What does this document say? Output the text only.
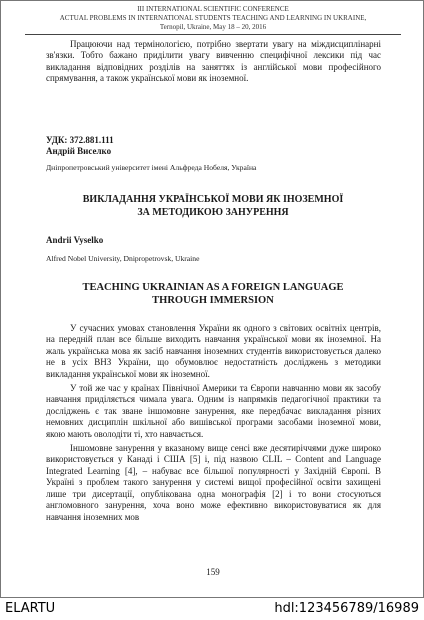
III INTERNATIONAL SCIENTIFIC CONFERENCE
ACTUAL PROBLEMS IN INTERNATIONAL STUDENTS TEACHING AND LEARNING IN UKRAINE,
Ternopil, Ukraine, May 18 – 20, 2016

Працюючи над термінологією, потрібно звертати увагу на міждисциплінарні зв'язки. Тобто бажано приділити увагу вивченню специфічної лексики під час викладання відповідних розділів на заняттях із англійської мови професійного спрямування, а також української мови як іноземної.

УДК: 372.881.111
Андрій Виселко
Дніпропетровський університет імені Альфреда Нобеля, Україна
ВИКЛАДАННЯ УКРАЇНСЬКОЇ МОВИ ЯК ІНОЗЕМНОЇ
ЗА МЕТОДИКОЮ ЗАНУРЕННЯ
Andrii Vyselko
Alfred Nobel University, Dnipropetrovsk, Ukraine
TEACHING UKRAINIAN AS A FOREIGN LANGUAGE
THROUGH IMMERSION

У сучасних умовах становлення України як одного з світових освітніх центрів, на передній план все більше виходить навчання української мови як іноземної. На жаль українська мова як засіб навчання іноземних студентів використовується далеко не в усіх ВНЗ України, що обумовлює недостатність досліджень з методики викладання української мови як іноземної.

У той же час у країнах Північної Америки та Європи навчанню мови як засобу навчання приділяється чимала увага. Одним із напрямків педагогічної практики та досліджень є так зване іншомовне занурення, яке передбачає викладання різних немовних дисциплін шкільної або вишівської програми засобами іноземної мови, якою мають оволодіти ті, хто навчається.

Іншомовне занурення у вказаному вище сенсі вже десятиріччями дуже широко використовується у Канаді і США [5] і, під назвою CLIL – Content and Language Integrated Learning [4], – набуває все більшої популярності у Західній Європі. В Україні з проблем такого занурення у системі вищої професійної освіти захищені лише три дисертації, опублікована одна монографія [2] і то вони стосуються англомовного занурення, хоча воно може ефективно використовуватися як для навчання іноземних мов

159
ELARTU	hdl:123456789/16989
